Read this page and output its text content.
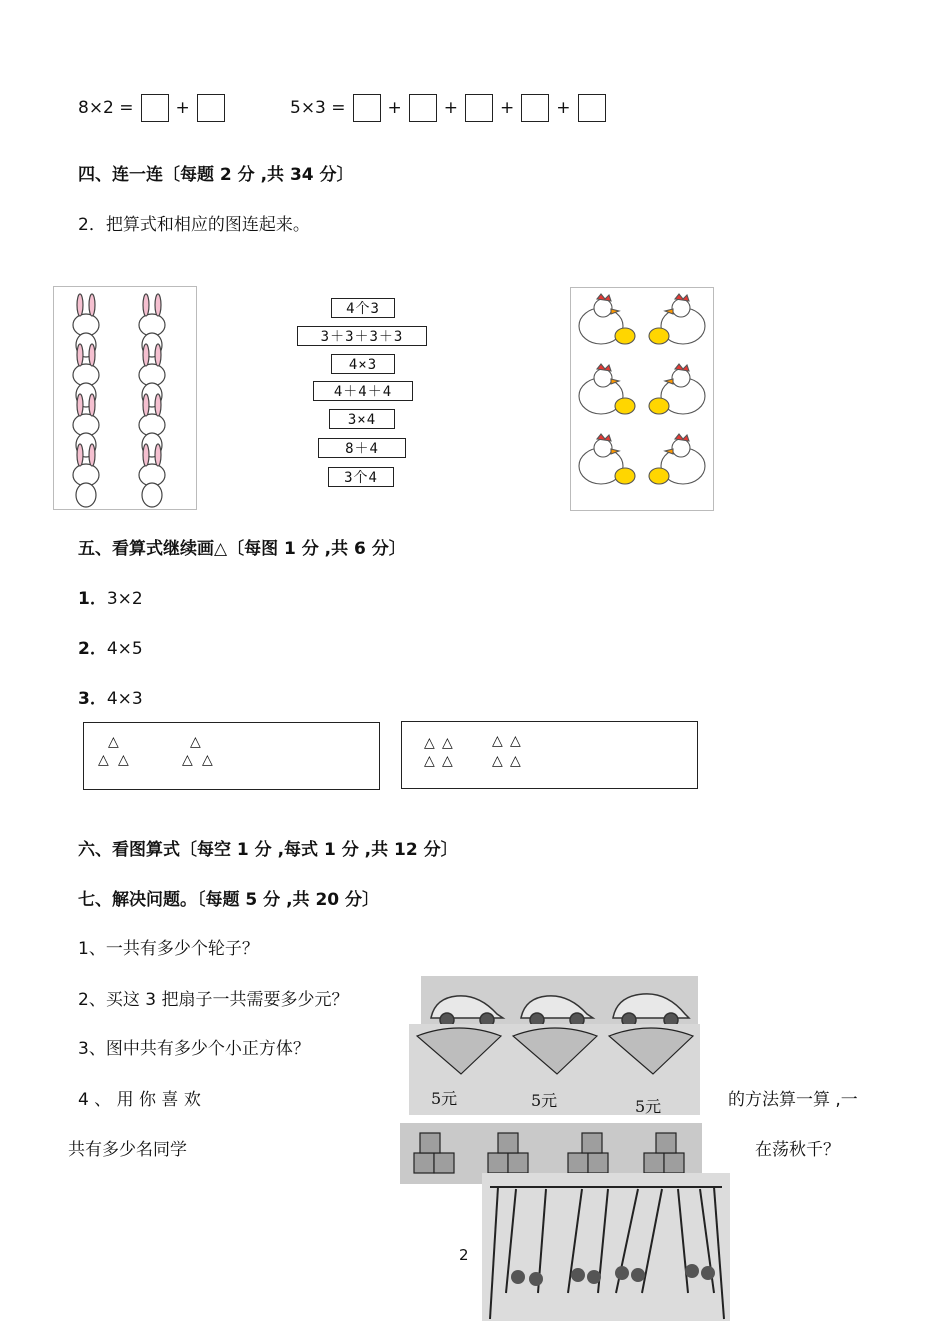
8×2 = +	5×3 = + + + +
四、连一连〔每题 2 分 ,共 34 分〕
2．把算式和相应的图连起来。
4个3
3＋3＋3＋3
4×3
4＋4＋4
3×4
8＋4
3个4
五、看算式继续画△〔每图 1 分 ,共 6 分〕
1．3×2
2．4×5
3．4×3
△
△ △
△
△ △
△ △
△ △
△ △
△ △
六、看图算式〔每空 1 分 ,每式 1 分 ,共 12 分〕
七、解决问题。〔每题 5 分 ,共 20 分〕
1、一共有多少个轮子？
2、买这 3 把扇子一共需要多少元？
3、图中共有多少个小正方体？
4 、 用 你 喜 欢	的方法算一算 ,一
共有多少名同学	在荡秋千？
5元	5元	5元
2
